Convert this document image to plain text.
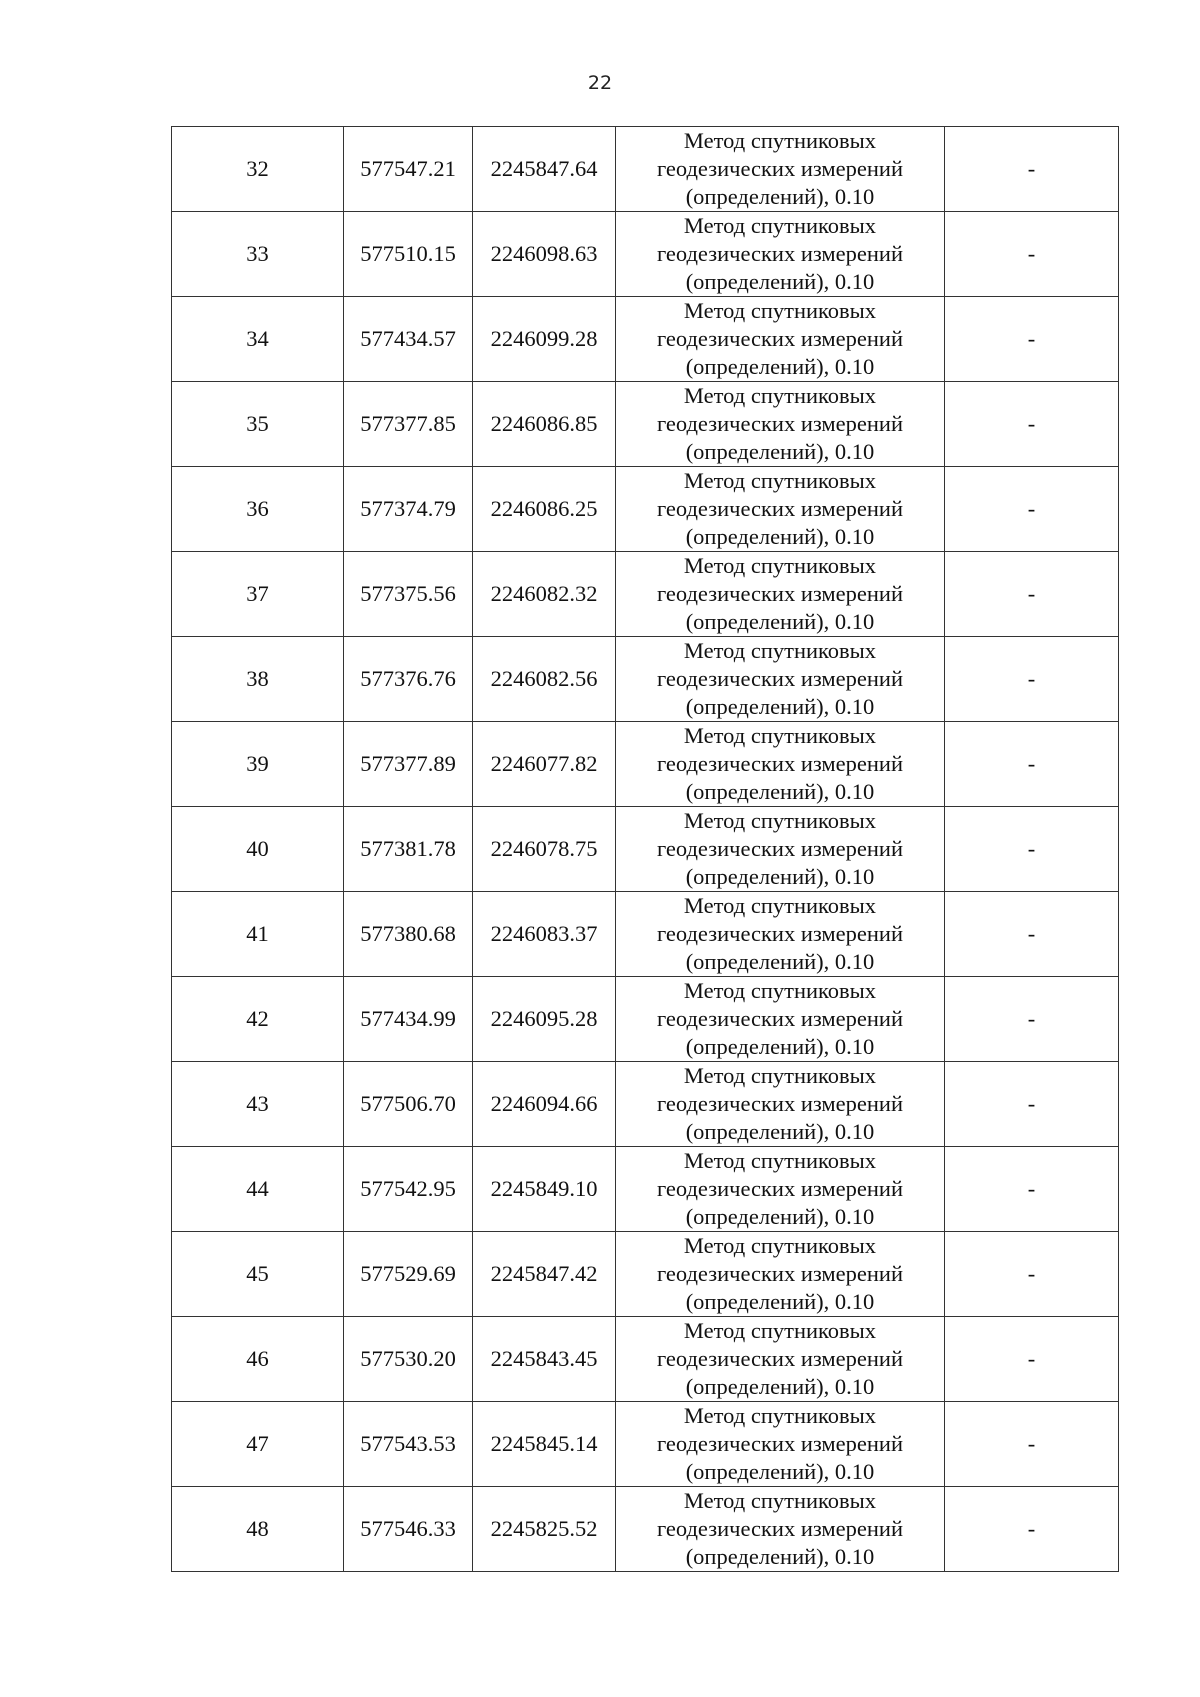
22
32	577547.21	2245847.64	Метод спутниковых
геодезических измерений
(определений), 0.10	-
33	577510.15	2246098.63	Метод спутниковых
геодезических измерений
(определений), 0.10	-
34	577434.57	2246099.28	Метод спутниковых
геодезических измерений
(определений), 0.10	-
35	577377.85	2246086.85	Метод спутниковых
геодезических измерений
(определений), 0.10	-
36	577374.79	2246086.25	Метод спутниковых
геодезических измерений
(определений), 0.10	-
37	577375.56	2246082.32	Метод спутниковых
геодезических измерений
(определений), 0.10	-
38	577376.76	2246082.56	Метод спутниковых
геодезических измерений
(определений), 0.10	-
39	577377.89	2246077.82	Метод спутниковых
геодезических измерений
(определений), 0.10	-
40	577381.78	2246078.75	Метод спутниковых
геодезических измерений
(определений), 0.10	-
41	577380.68	2246083.37	Метод спутниковых
геодезических измерений
(определений), 0.10	-
42	577434.99	2246095.28	Метод спутниковых
геодезических измерений
(определений), 0.10	-
43	577506.70	2246094.66	Метод спутниковых
геодезических измерений
(определений), 0.10	-
44	577542.95	2245849.10	Метод спутниковых
геодезических измерений
(определений), 0.10	-
45	577529.69	2245847.42	Метод спутниковых
геодезических измерений
(определений), 0.10	-
46	577530.20	2245843.45	Метод спутниковых
геодезических измерений
(определений), 0.10	-
47	577543.53	2245845.14	Метод спутниковых
геодезических измерений
(определений), 0.10	-
48	577546.33	2245825.52	Метод спутниковых
геодезических измерений
(определений), 0.10	-
